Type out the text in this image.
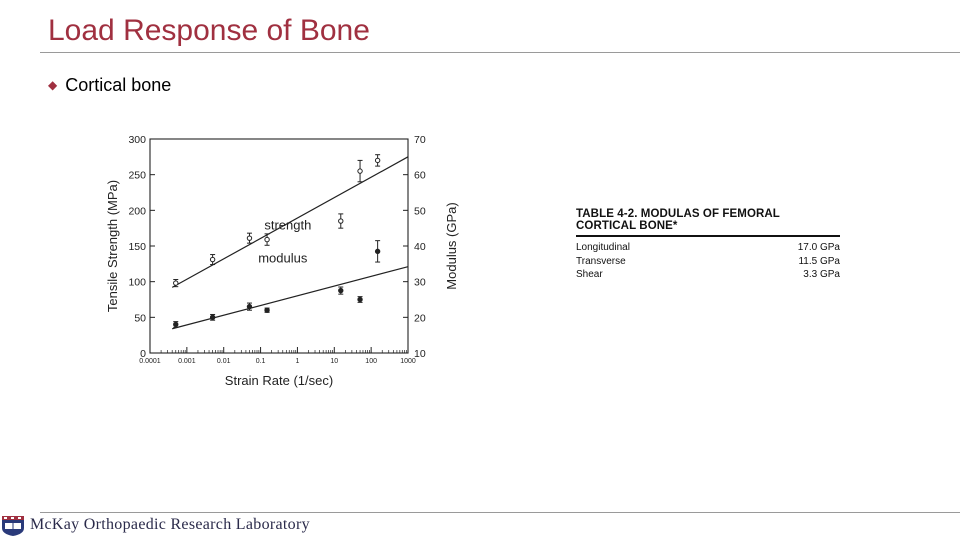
Load Response of Bone
◆ Cortical bone
0
50
100
150
200
250
300
10
20
30
40
50
60
70
0.0001 0.001	0.01	0.1	1	10	100	1000
Strain Rate (1/sec)
Tensile Strength (MPa)	Modulus (GPa)
strength
modulus
TABLE 4-2. MODULAS OF FEMORAL
CORTICAL BONE*
Longitudinal	17.0 GPa
Transverse	11.5 GPa
Shear	3.3 GPa
McKay Orthopaedic Research Laboratory
